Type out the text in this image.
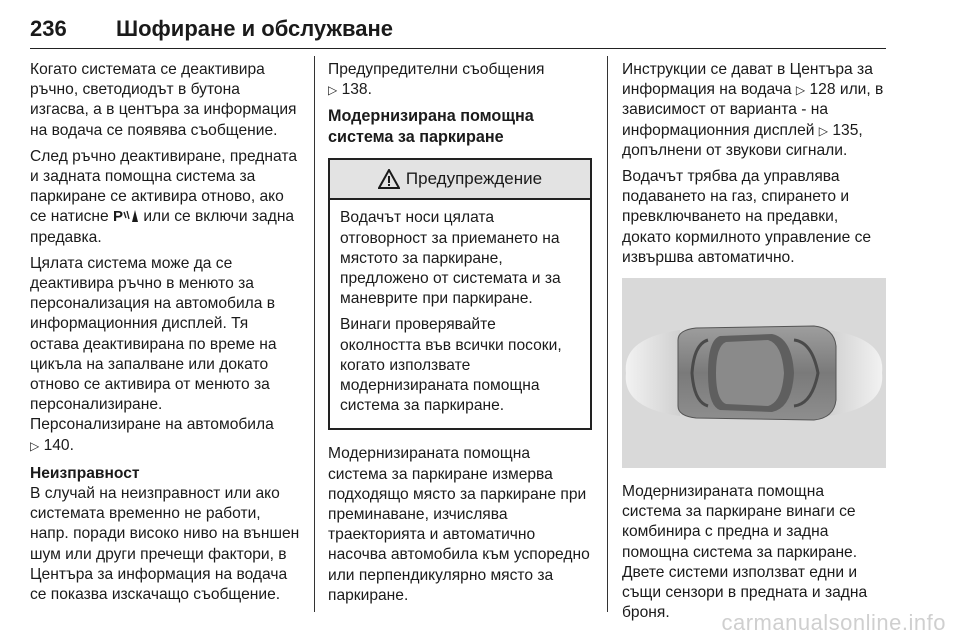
236 Шофиране и обслужване

Когато системата се деактивира ръчно, светодиодът в бутона изгасва, а в центъра за информация на водача се появява съобщение.

След ръчно деактивиране, предната и задната помощна система за паркиране се активира отново, ако се натисне P или се включи задна предавка.

Цялата система може да се деактивира ръчно в менюто за персонализация на автомобила в информационния дисплей. Тя остава деактивирана по време на цикъла на запалване или докато отново се активира от менюто за персонализиране.

Персонализиране на автомобила
▷ 140.

Неизправност

В случай на неизправност или ако системата временно не работи, напр. поради високо ниво на външен шум или други пречещи фактори, в Центъра за информация на водача се показва изскачащо съобщение.

Предупредителни съобщения
▷ 138.

Модернизирана помощна система за паркиране
Предупреждение

Водачът носи цялата отговорност за приемането на мястото за паркиране, предложено от системата и за маневрите при паркиране.

Винаги проверявайте околността във всички посоки, когато използвате модернизираната помощна система за паркиране.

Модернизираната помощна система за паркиране измерва подходящо място за паркиране при преминаване, изчислява траекторията и автоматично насочва автомобила към успоредно или перпендикулярно място за паркиране.

Инструкции се дават в Центъра за информация на водача ▷ 128 или, в зависимост от варианта - на информационния дисплей ▷ 135, допълнени от звукови сигнали.

Водачът трябва да управлява подаването на газ, спирането и превключването на предавки, докато кормилното управление се извършва автоматично.

Модернизираната помощна система за паркиране винаги се комбинира с предна и задна помощна система за паркиране. Двете системи използват едни и същи сензори в предната и задна броня.	carmanualsonline.info
